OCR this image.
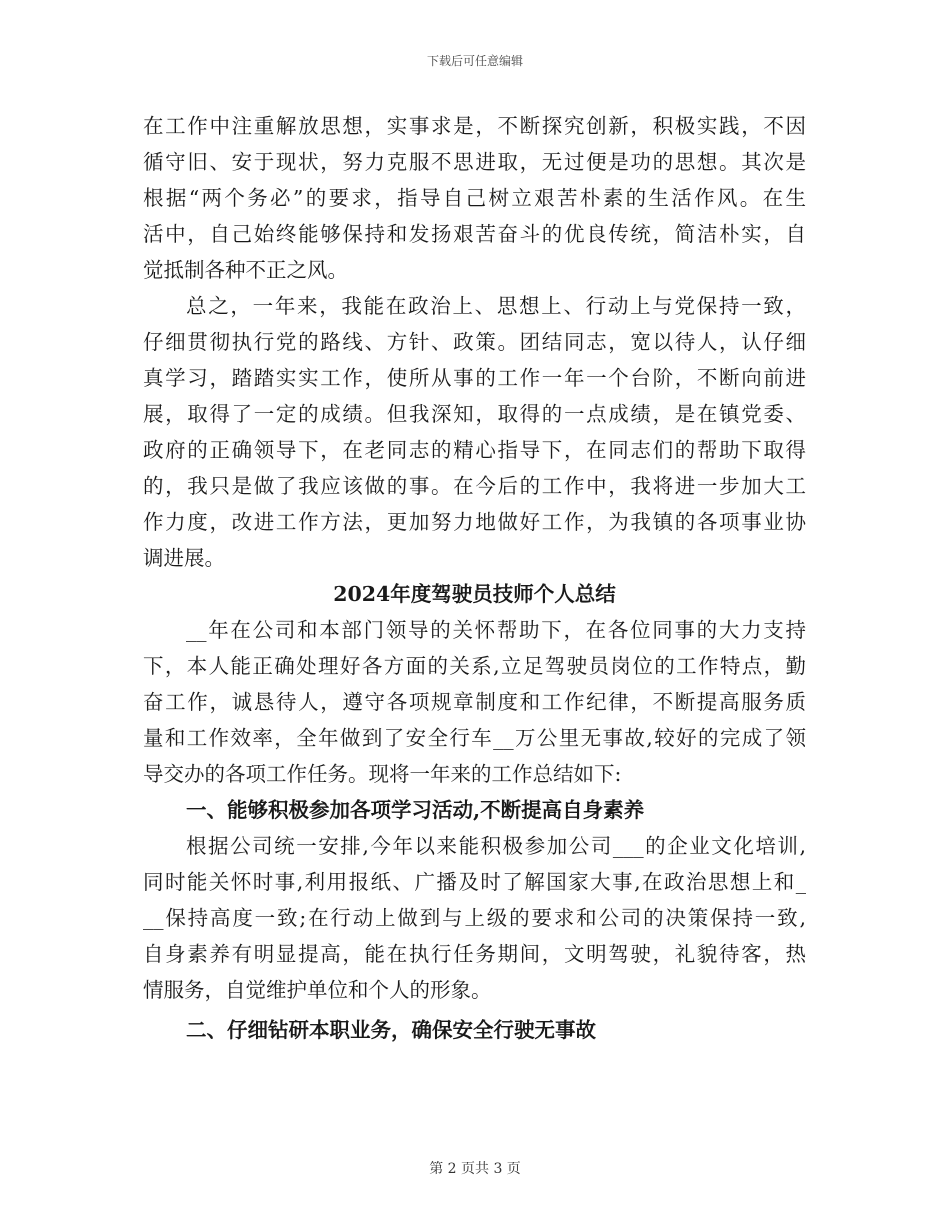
下载后可任意编辑
在工作中注重解放思想，实事求是，不断探究创新，积极实践，不因
循守旧、安于现状，努力克服不思进取，无过便是功的思想。其次是
根据“两个务必”的要求，指导自己树立艰苦朴素的生活作风。在生
活中，自己始终能够保持和发扬艰苦奋斗的优良传统，简洁朴实，自
觉抵制各种不正之风。
总之，一年来，我能在政治上、思想上、行动上与党保持一致，
仔细贯彻执行党的路线、方针、政策。团结同志，宽以待人，认仔细
真学习，踏踏实实工作，使所从事的工作一年一个台阶，不断向前进
展，取得了一定的成绩。但我深知，取得的一点成绩，是在镇党委、
政府的正确领导下，在老同志的精心指导下，在同志们的帮助下取得
的，我只是做了我应该做的事。在今后的工作中，我将进一步加大工
作力度，改进工作方法，更加努力地做好工作，为我镇的各项事业协
调进展。
2024年度驾驶员技师个人总结
__年在公司和本部门领导的关怀帮助下，在各位同事的大力支持
下，本人能正确处理好各方面的关系,立足驾驶员岗位的工作特点，勤
奋工作，诚恳待人，遵守各项规章制度和工作纪律，不断提高服务质
量和工作效率，全年做到了安全行车__万公里无事故,较好的完成了领
导交办的各项工作任务。现将一年来的工作总结如下:
一、能够积极参加各项学习活动,不断提高自身素养
根据公司统一安排,今年以来能积极参加公司___的企业文化培训,
同时能关怀时事,利用报纸、广播及时了解国家大事,在政治思想上和_
__保持高度一致;在行动上做到与上级的要求和公司的决策保持一致,
自身素养有明显提高，能在执行任务期间，文明驾驶，礼貌待客，热
情服务，自觉维护单位和个人的形象。
二、仔细钻研本职业务，确保安全行驶无事故
第 2 页共 3 页
